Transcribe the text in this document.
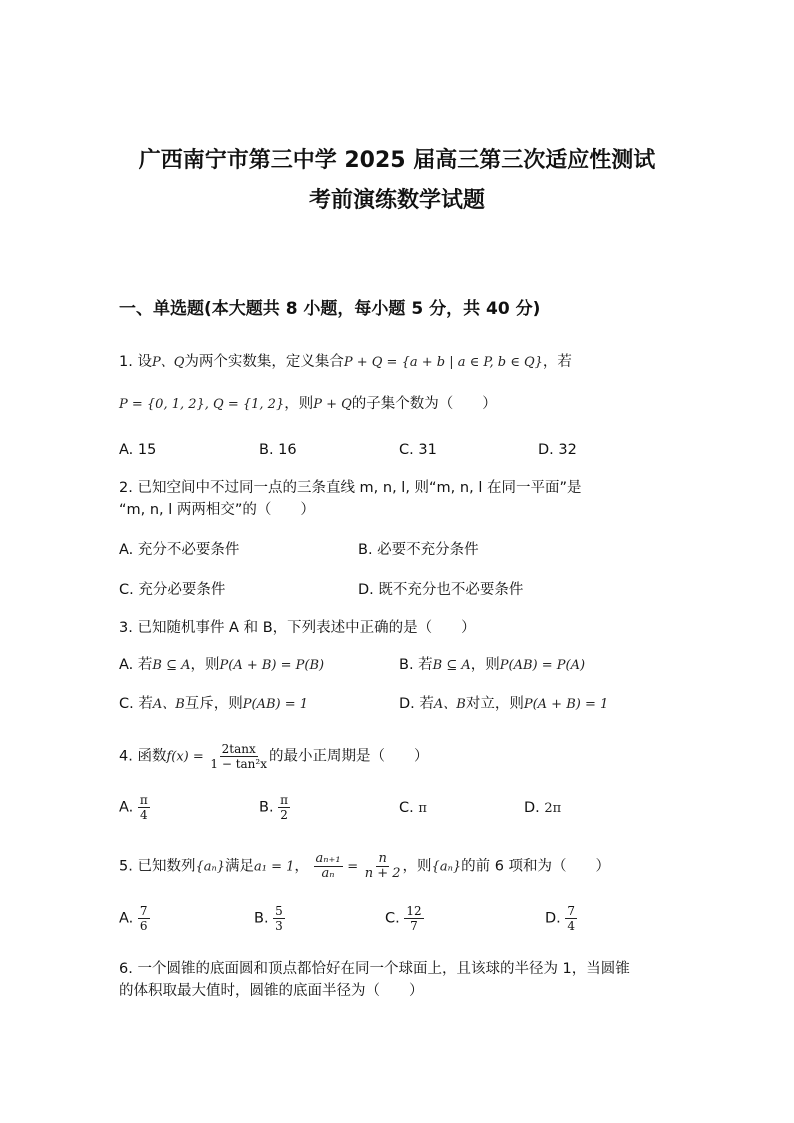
广西南宁市第三中学 2025 届高三第三次适应性测试
考前演练数学试题
一、单选题(本大题共 8 小题，每小题 5 分，共 40 分)
1. 设P、Q为两个实数集，定义集合P + Q = {a + b | a ∈ P, b ∈ Q}，若
P = {0, 1, 2}, Q = {1, 2}，则P + Q的子集个数为（　　）
A. 15	B. 16	C. 31	D. 32
2. 已知空间中不过同一点的三条直线 m, n, l, 则“m, n, l 在同一平面”是
“m, n, l 两两相交”的（　　）
A. 充分不必要条件	B. 必要不充分条件
C. 充分必要条件	D. 既不充分也不必要条件
3. 已知随机事件 A 和 B，下列表述中正确的是（　　）
A. 若B ⊆ A，则P(A + B) = P(B)	B. 若B ⊆ A，则P(AB) = P(A)
C. 若A、B互斥，则P(AB) = 1	D. 若A、B对立，则P(A + B) = 1
4. 函数$f(x) = \frac{2\tan x}{\text{1 − tan²x}}$ 的最小正周期是（　　）
A. $\frac{\pi}{4}$	B. $\frac{\pi}{2}$	C. π	D. 2π
5. 已知数列{aₙ}满足a₁ = 1， $\frac{\text{aₙ₊₁}}{\text{aₙ}} = \frac{n}{n + 2}$ ，则{aₙ}的前 6 项和为（　　）
A. $\frac{7}{6}$	B. $\frac{5}{3}$	C. $\frac{12}{7}$	D. $\frac{7}{4}$
6. 一个圆锥的底面圆和顶点都恰好在同一个球面上，且该球的半径为 1，当圆锥
的体积取最大值时，圆锥的底面半径为（　　）
